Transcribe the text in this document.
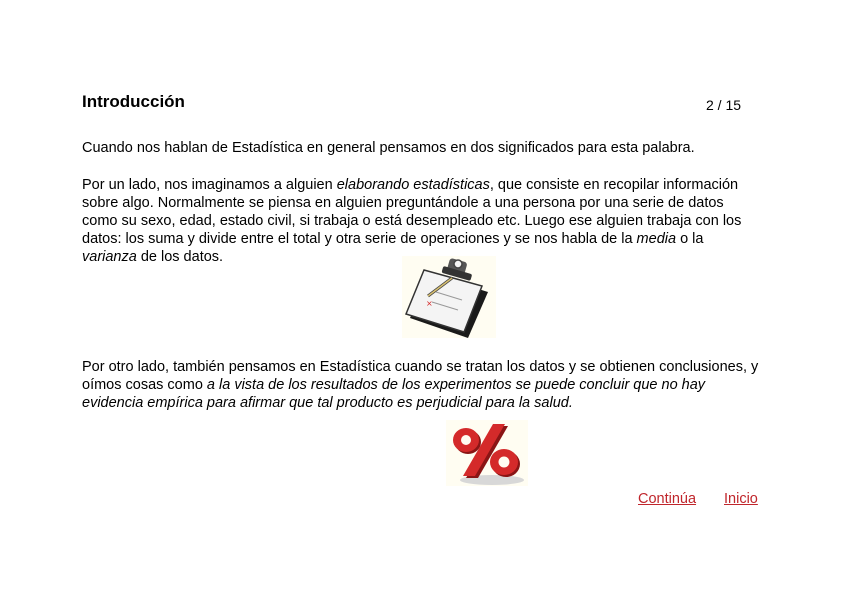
Introducción	2 / 15

Cuando nos hablan de Estadística en general pensamos en dos significados para esta palabra.

Por un lado, nos imaginamos a alguien elaborando estadísticas, que consiste en recopilar información sobre algo. Normalmente se piensa en alguien preguntándole a una persona por una serie de datos como su sexo, edad, estado civil, si trabaja o está desempleado etc. Luego ese alguien trabaja con los datos: los suma y divide entre el total y otra serie de operaciones y se nos habla de la media o la varianza de los datos.

×

Por otro lado, también pensamos en Estadística cuando se tratan los datos y se obtienen conclusiones, y oímos cosas como a la vista de los resultados de los experimentos se puede concluir que no hay evidencia empírica para afirmar que tal producto es perjudicial para la salud.

Continúa Inicio
